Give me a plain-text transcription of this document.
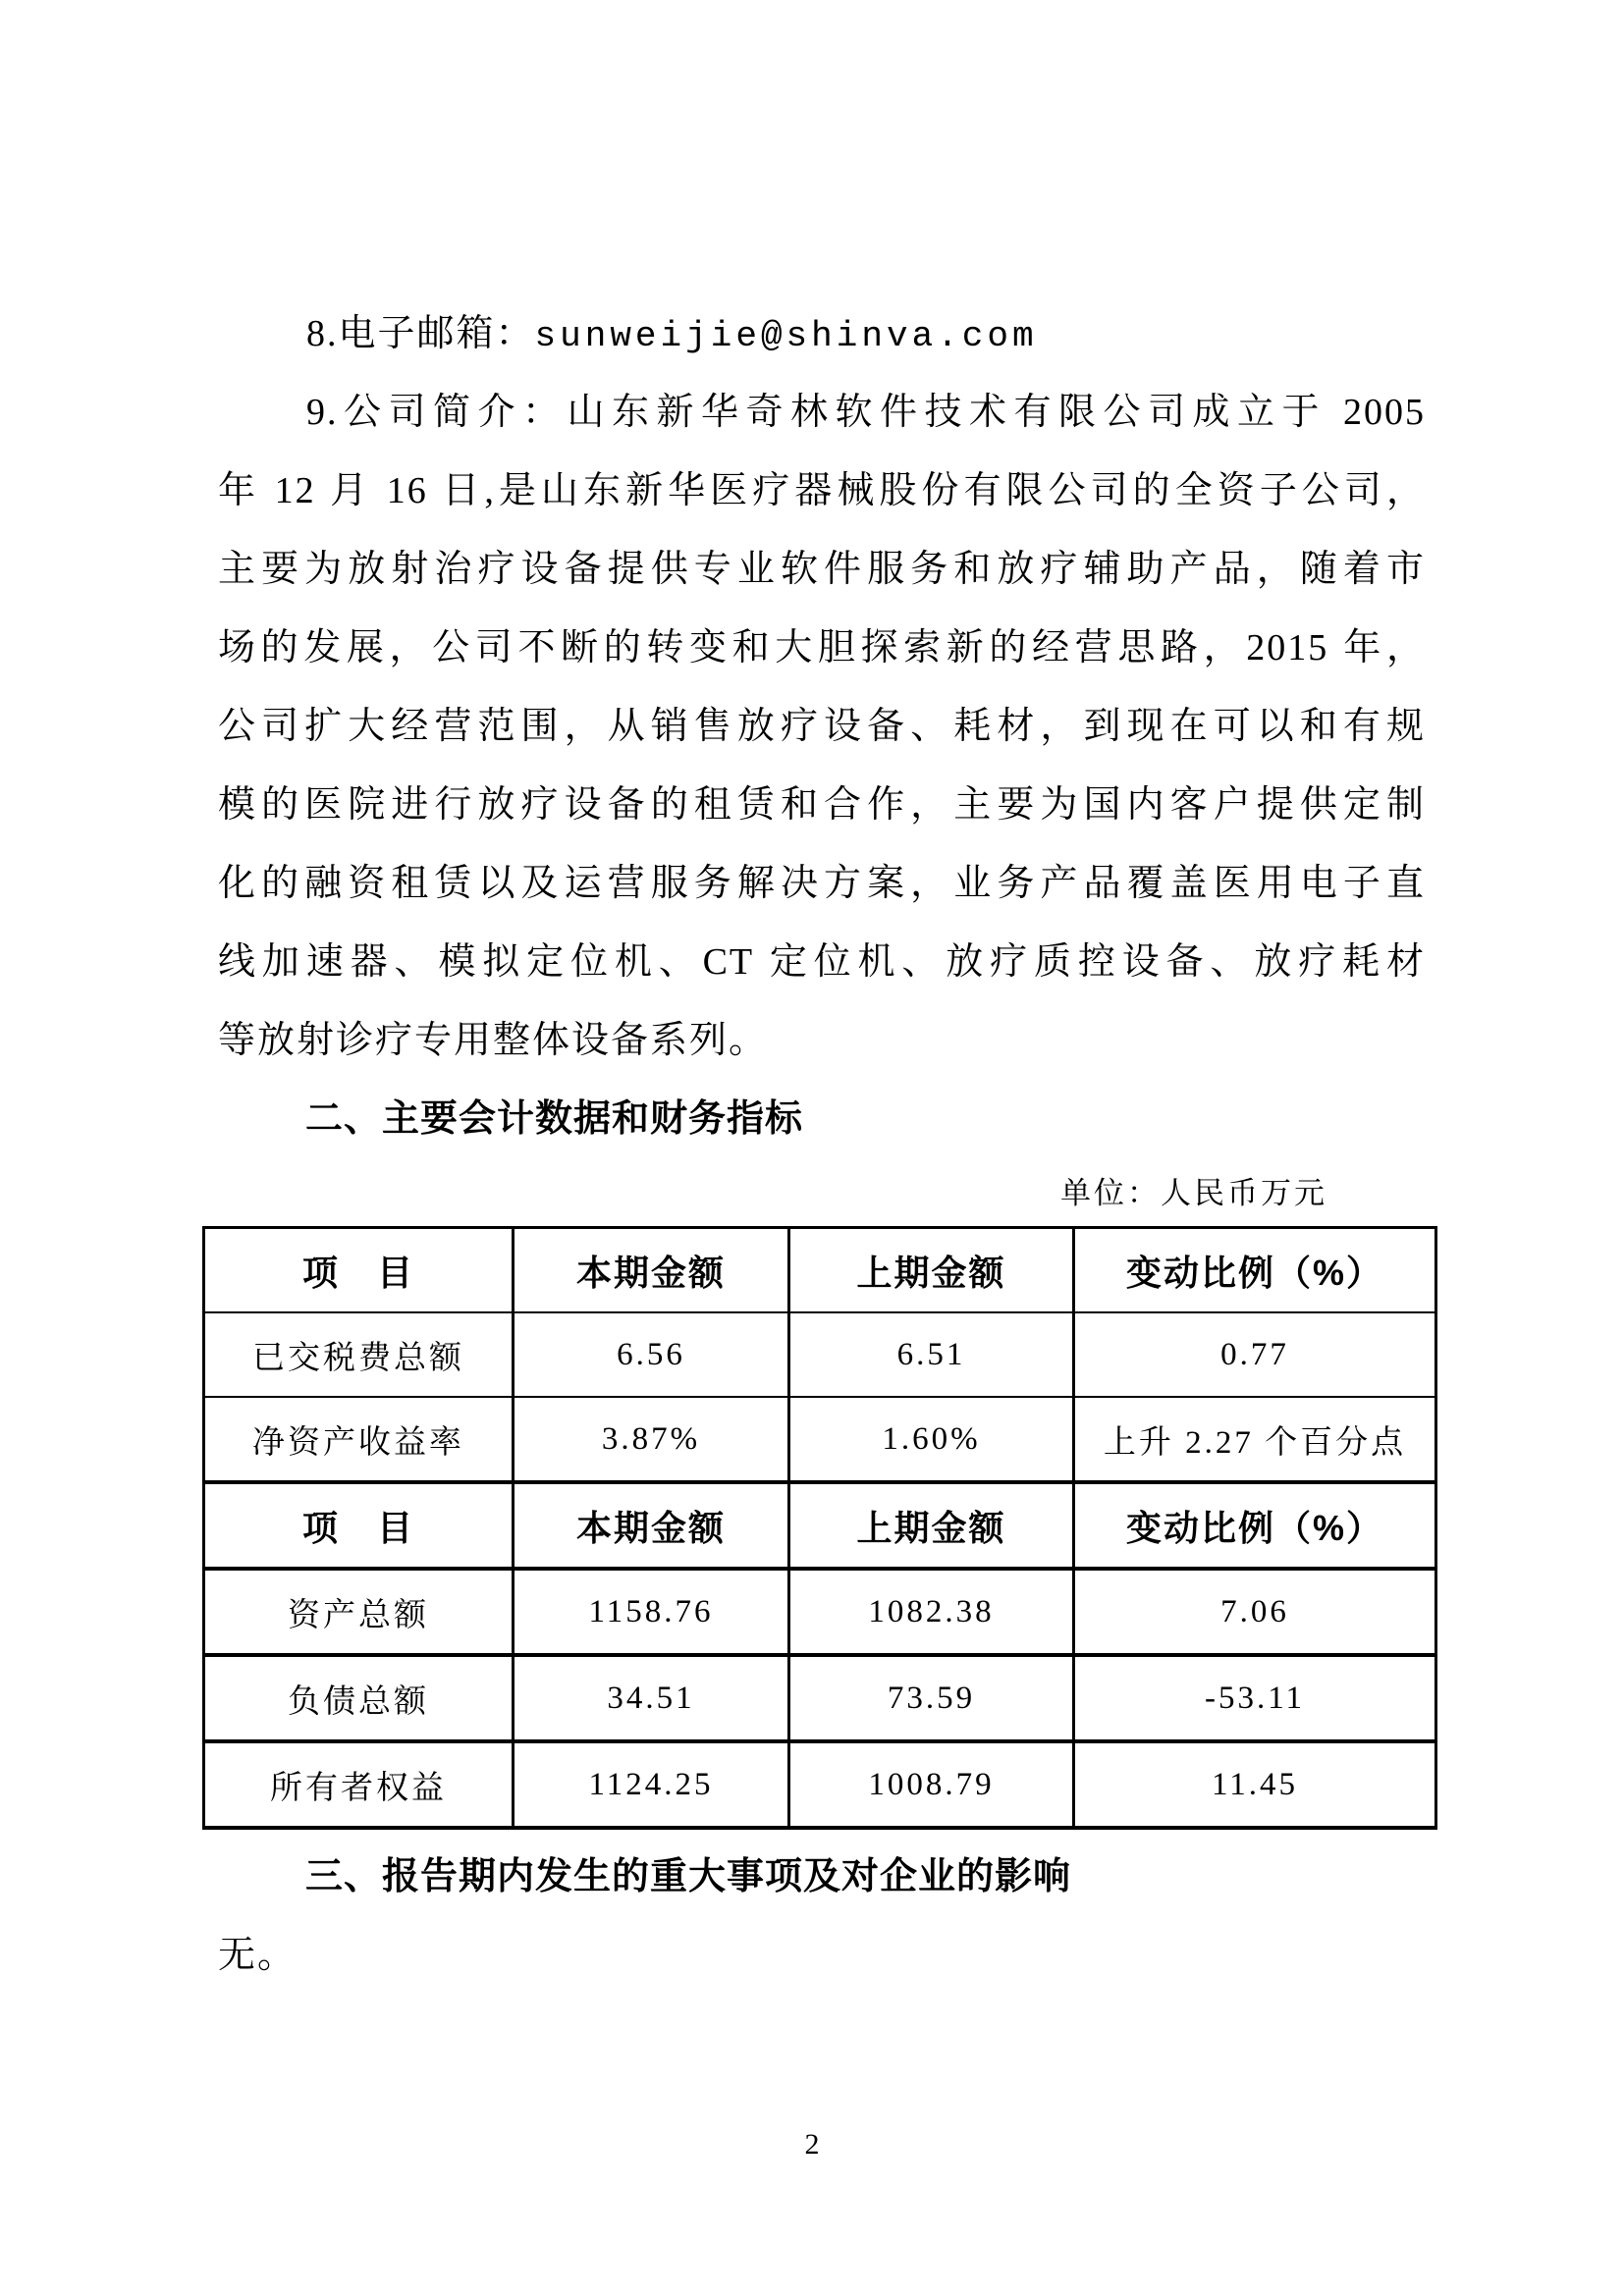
8.电子邮箱：sunweijie@shinva.com
9.公司简介：山东新华奇林软件技术有限公司成立于 2005
年 12 月 16 日,是山东新华医疗器械股份有限公司的全资子公司，
主要为放射治疗设备提供专业软件服务和放疗辅助产品，随着市
场的发展，公司不断的转变和大胆探索新的经营思路，2015 年，
公司扩大经营范围，从销售放疗设备、耗材，到现在可以和有规
模的医院进行放疗设备的租赁和合作，主要为国内客户提供定制
化的融资租赁以及运营服务解决方案，业务产品覆盖医用电子直
线加速器、模拟定位机、CT 定位机、放疗质控设备、放疗耗材
等放射诊疗专用整体设备系列。
二、主要会计数据和财务指标
单位：人民币万元
项　目	本期金额	上期金额	变动比例（%）
已交税费总额	6.56	6.51	0.77
净资产收益率	3.87%	1.60%	上升 2.27 个百分点
项　目	本期金额	上期金额	变动比例（%）
资产总额	1158.76	1082.38	7.06
负债总额	34.51	73.59	-53.11
所有者权益	1124.25	1008.79	11.45
三、报告期内发生的重大事项及对企业的影响
无。
2
